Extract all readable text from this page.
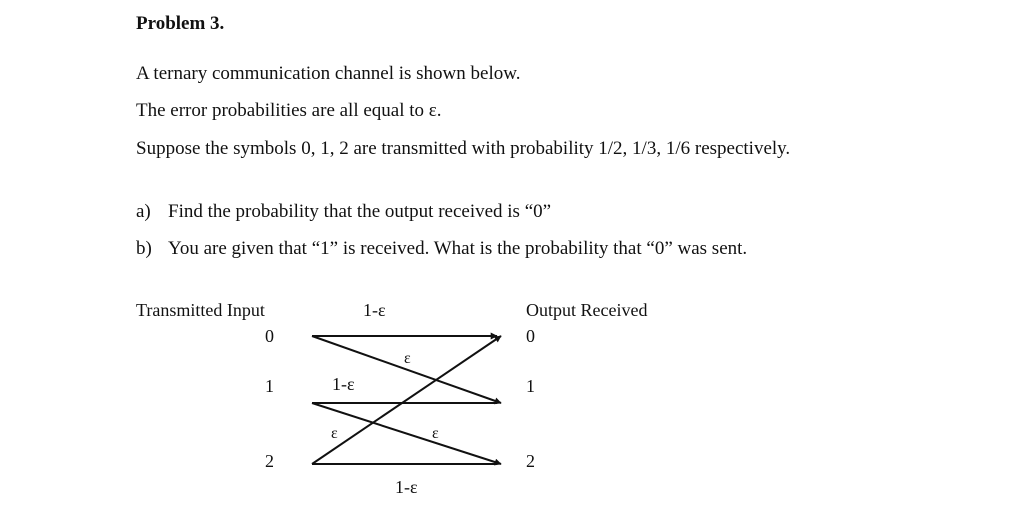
Problem 3.
A ternary communication channel is shown below.
The error probabilities are all equal to ε.
Suppose the symbols 0, 1, 2 are transmitted with probability 1/2, 1/3, 1/6 respectively.
a) Find the probability that the output received is “0”
b) You are given that “1” is received. What is the probability that “0” was sent.
Transmitted Input	Output Received
0
1
2
0
1
2
1-ε
1-ε
1-ε
ε
ε	ε
